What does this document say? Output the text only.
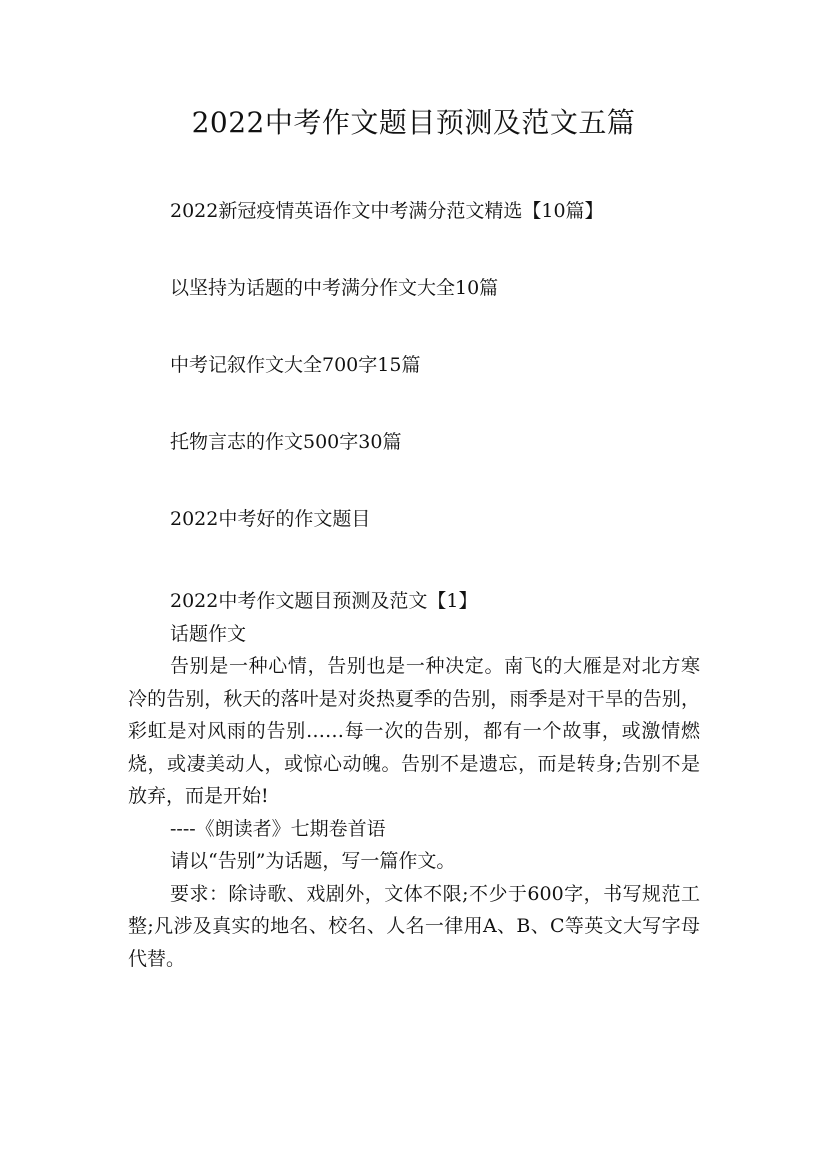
2022中考作文题目预测及范文五篇
2022新冠疫情英语作文中考满分范文精选【10篇】
以坚持为话题的中考满分作文大全10篇
中考记叙作文大全700字15篇
托物言志的作文500字30篇
2022中考好的作文题目

2022中考作文题目预测及范文【1】

话题作文

告别是一种心情，告别也是一种决定。南飞的大雁是对北方寒冷的告别，秋天的落叶是对炎热夏季的告别，雨季是对干旱的告别，彩虹是对风雨的告别……每一次的告别，都有一个故事，或激情燃烧，或凄美动人，或惊心动魄。告别不是遗忘，而是转身;告别不是放弃，而是开始!

----《朗读者》七期卷首语

请以“告别”为话题，写一篇作文。

要求：除诗歌、戏剧外，文体不限;不少于600字，书写规范工整;凡涉及真实的地名、校名、人名一律用A、B、C等英文大写字母代替。
